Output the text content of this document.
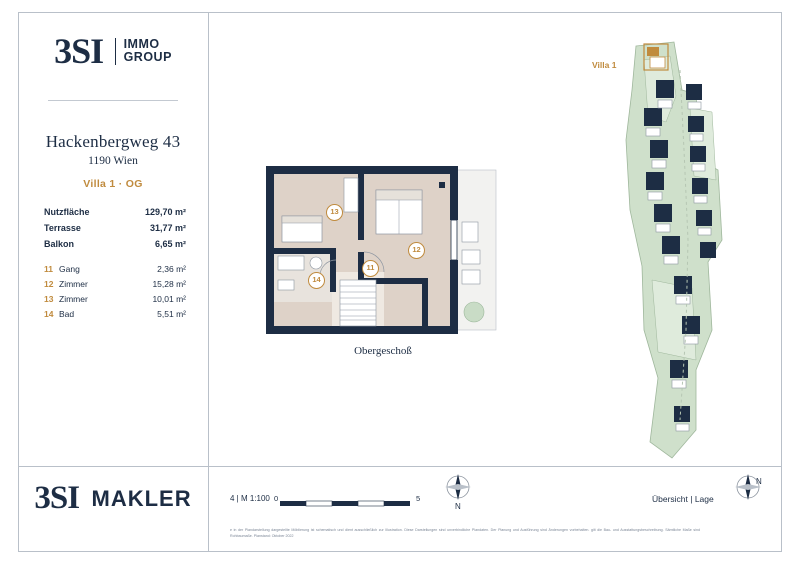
3SI IMMO
GROUP
Hackenbergweg 43
1190 Wien
Villa 1 · OG
Nutzfläche	129,70 m²
Terrasse	31,77 m²
Balkon	6,65 m²
11 Gang	2,36 m²
12 Zimmer	15,28 m²
13 Zimmer	10,01 m²
14 Bad	5,51 m²
3SI MAKLER
13
11
12
14
Obergeschoß
Villa 1
4 | M 1:100 0	5
N
N
Übersicht | Lage
e in der Plandarstellung dargestellte Möblierung ist schematisch und dient ausschließlich zur Illustration. Diese Darstellungen sind unverbindliche Plandaten. Der Planung und Ausführung sind Änderungen vorbehalten. gilt die Bau- und Ausstattungsbeschreibung. Sämtliche Maße sind Rohbaumaße. Planstand: Oktober 2022
